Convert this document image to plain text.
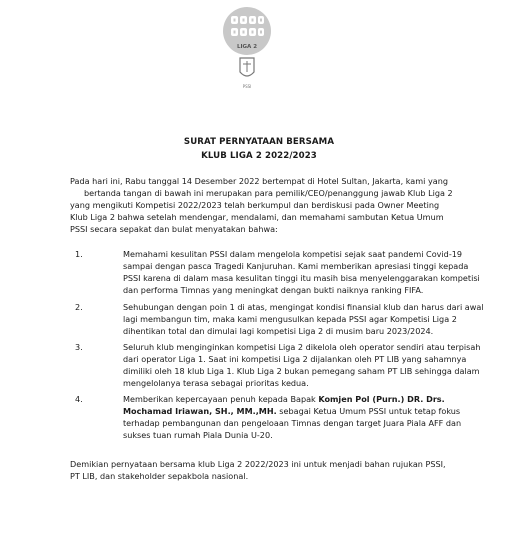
LIGA 2
PSSI
SURAT PERNYATAAN BERSAMA
KLUB LIGA 2 2022/2023
Pada hari ini, Rabu tanggal 14 Desember 2022 bertempat di Hotel Sultan, Jakarta, kami yang
bertanda tangan di bawah ini merupakan para pemilik/CEO/penanggung jawab Klub Liga 2
yang mengikuti Kompetisi 2022/2023 telah berkumpul dan berdiskusi pada Owner Meeting
Klub Liga 2 bahwa setelah mendengar, mendalami, dan memahami sambutan Ketua Umum
PSSI secara sepakat dan bulat menyatakan bahwa:
1.	Memahami kesulitan PSSI dalam mengelola kompetisi sejak saat pandemi Covid-19
sampai dengan pasca Tragedi Kanjuruhan. Kami memberikan apresiasi tinggi kepada
PSSI karena di dalam masa kesulitan tinggi itu masih bisa menyelenggarakan kompetisi
dan performa Timnas yang meningkat dengan bukti naiknya ranking FIFA.
2.	Sehubungan dengan poin 1 di atas, mengingat kondisi finansial klub dan harus dari awal
lagi membangun tim, maka kami mengusulkan kepada PSSI agar Kompetisi Liga 2
dihentikan total dan dimulai lagi kompetisi Liga 2 di musim baru 2023/2024.
3.	Seluruh klub menginginkan kompetisi Liga 2 dikelola oleh operator sendiri atau terpisah
dari operator Liga 1. Saat ini kompetisi Liga 2 dijalankan oleh PT LIB yang sahamnya
dimiliki oleh 18 klub Liga 1. Klub Liga 2 bukan pemegang saham PT LIB sehingga dalam
mengelolanya terasa sebagai prioritas kedua.
4.	Memberikan kepercayaan penuh kepada Bapak Komjen Pol (Purn.) DR. Drs.
Mochamad Iriawan, SH., MM.,MH. sebagai Ketua Umum PSSI untuk tetap fokus
terhadap pembangunan dan pengeloaan Timnas dengan target Juara Piala AFF dan
sukses tuan rumah Piala Dunia U-20.
Demikian pernyataan bersama klub Liga 2 2022/2023 ini untuk menjadi bahan rujukan PSSI,
PT LIB, dan stakeholder sepakbola nasional.
